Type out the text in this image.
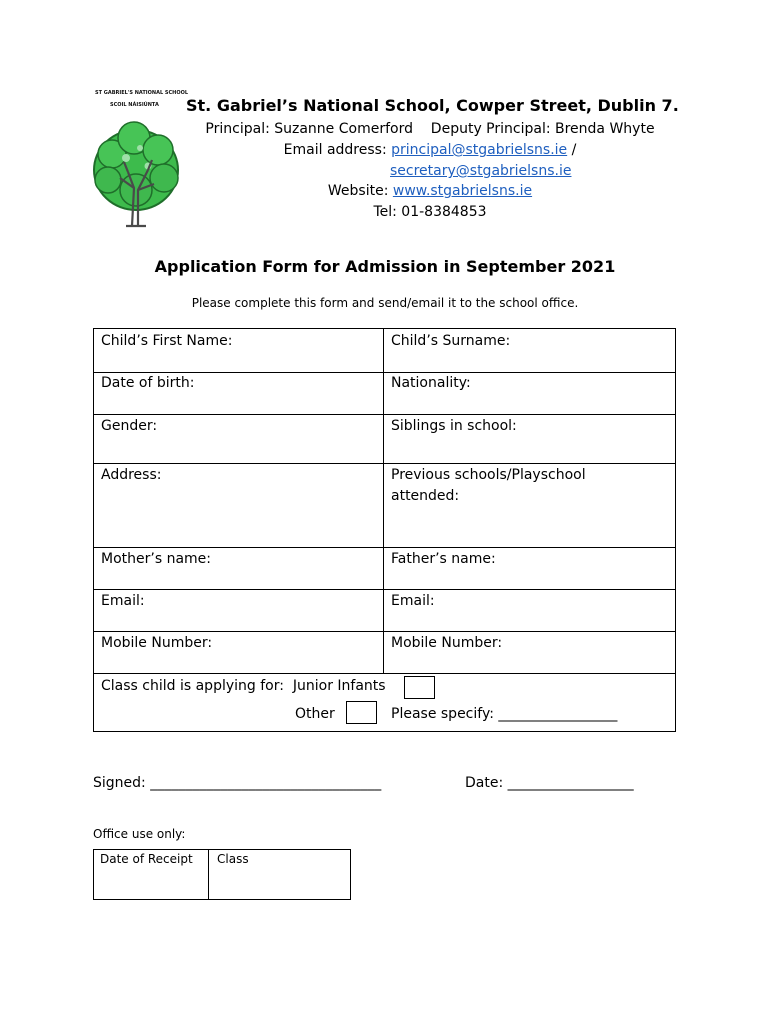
ST GABRIEL'S NATIONAL SCHOOL
SCOIL NÁISIÚNTA St. Gabriel’s National School, Cowper Street, Dublin 7.
Principal: Suzanne Comerford Deputy Principal: Brenda Whyte
Email address: principal@stgabrielsns.ie /
secretary@stgabrielsns.ie
Website: www.stgabrielsns.ie
Tel: 01-8384853
Application Form for Admission in September 2021
Please complete this form and send/email it to the school office.
Child’s First Name:	Child’s Surname:
Date of birth:	Nationality:
Gender:	Siblings in school:
Address:	Previous schools/Playschool
attended:
Mother’s name:	Father’s name:
Email:	Email:
Mobile Number:	Mobile Number:
Class child is applying for: Junior Infants
Other	Please specify: _________________
Signed: _________________________________	Date: __________________
Office use only:
Date of Receipt Class
